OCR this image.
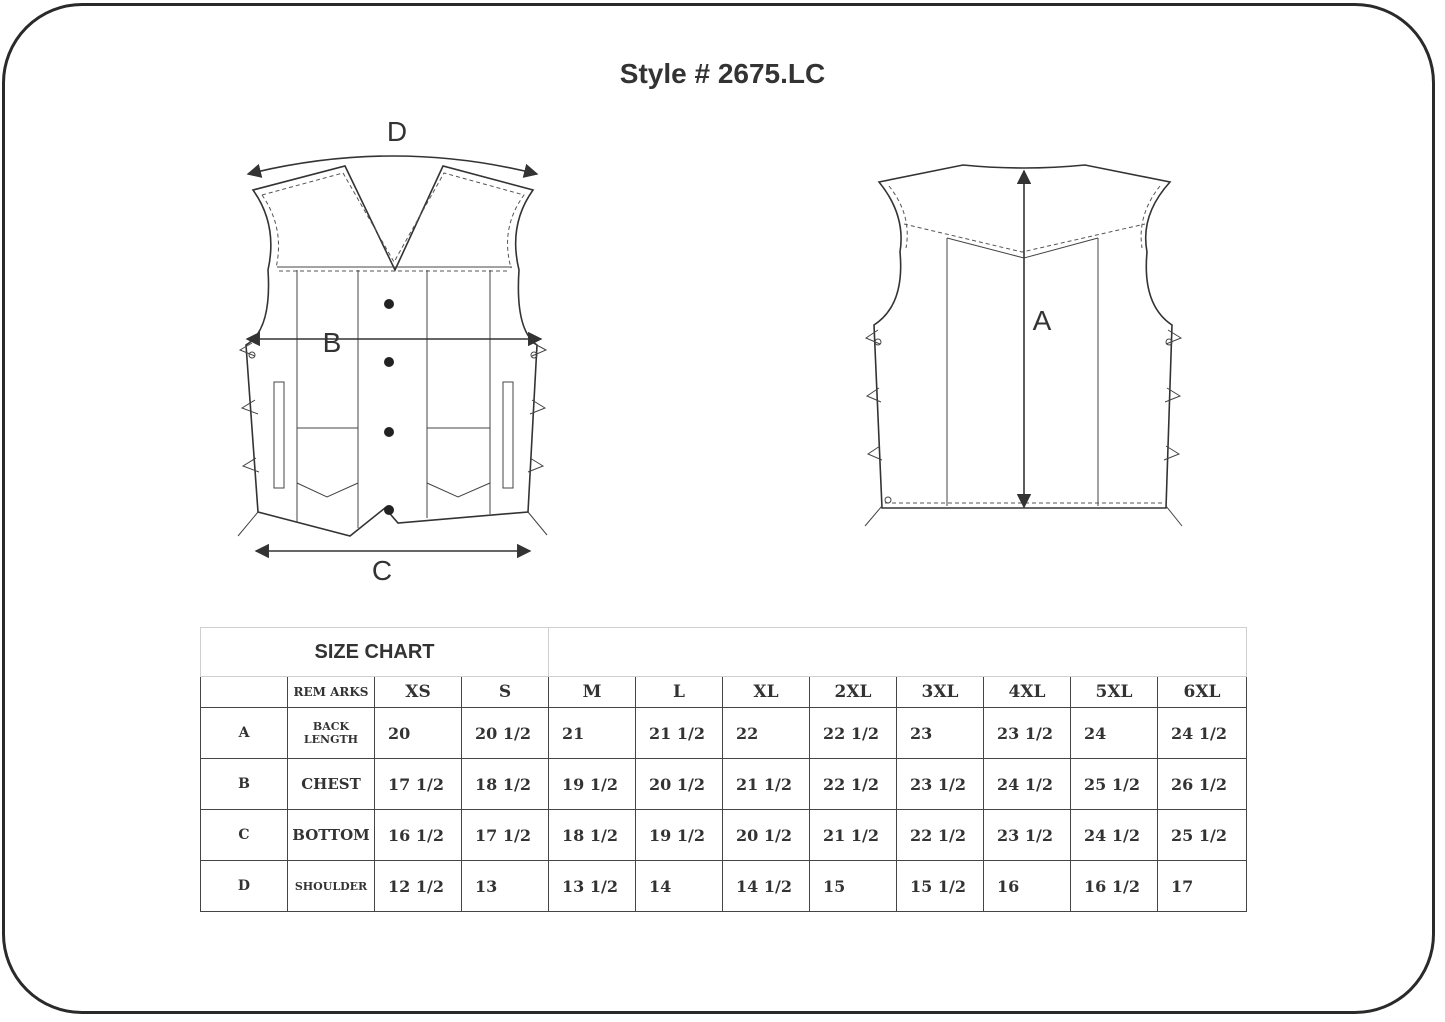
Style # 2675.LC
D
B
C
A
SIZE CHART											
	REM ARKS	XS	S	M	L	XL	2XL	3XL	4XL	5XL	6XL
A	BACK LENGTH	20	20 1/2	21	21 1/2	22	22 1/2	23	23 1/2	24	24 1/2
B	CHEST	17 1/2	18 1/2	19 1/2	20 1/2	21 1/2	22 1/2	23 1/2	24 1/2	25 1/2	26 1/2
C	BOTTOM	16 1/2	17 1/2	18 1/2	19 1/2	20 1/2	21 1/2	22 1/2	23 1/2	24 1/2	25 1/2
D	SHOULDER	12 1/2	13	13 1/2	14	14 1/2	15	15 1/2	16	16 1/2	17
